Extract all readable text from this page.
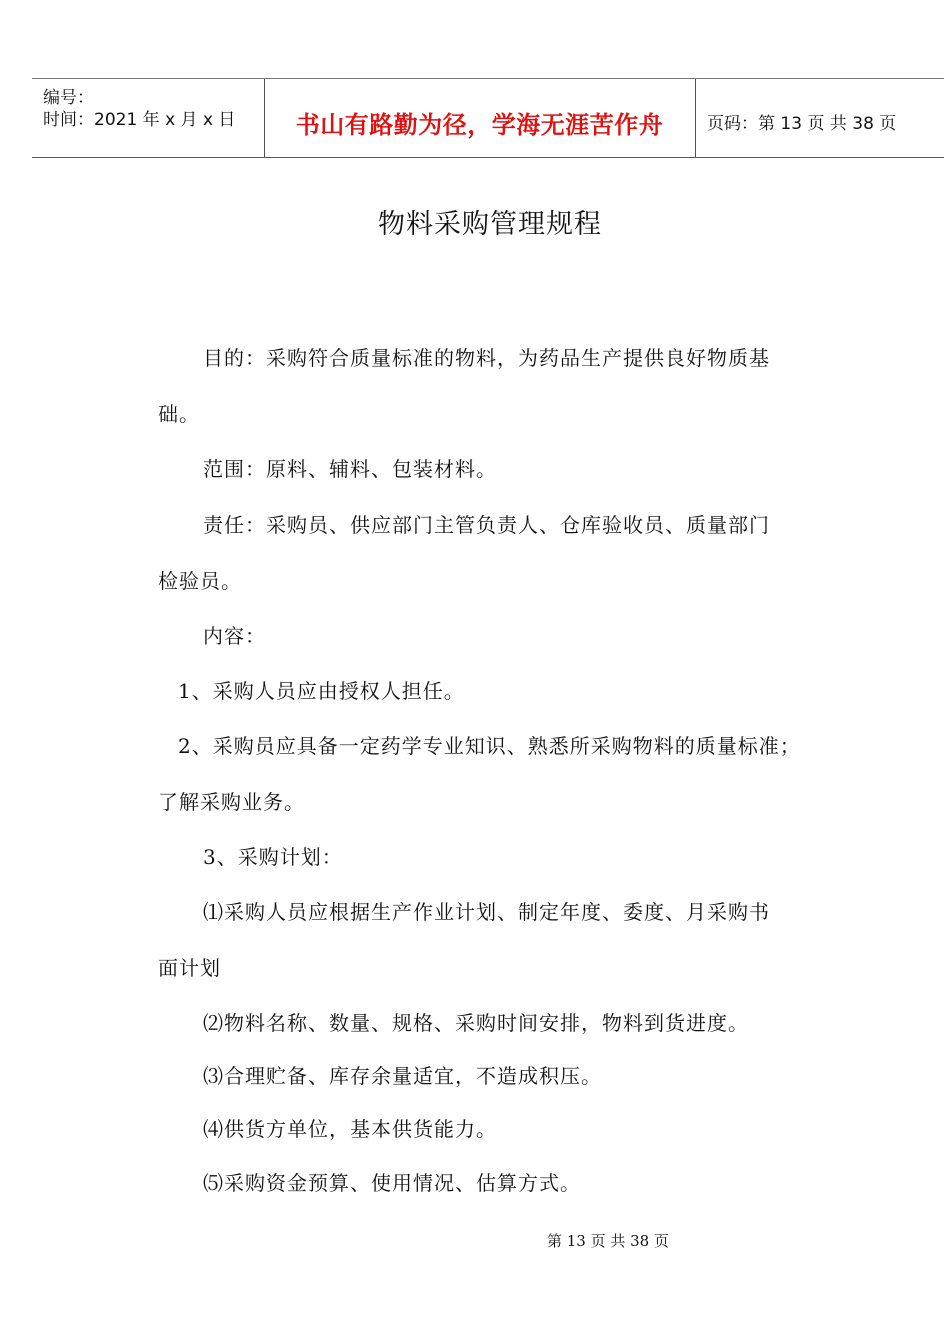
编号：
时间：2021 年 x 月 x 日	书山有路勤为径，学海无涯苦作舟	页码：第 13 页 共 38 页
物料采购管理规程
目的：采购符合质量标准的物料，为药品生产提供良好物质基
础。
范围：原料、辅料、包装材料。
责任：采购员、供应部门主管负责人、仓库验收员、质量部门
检验员。
内容：
1、采购人员应由授权人担任。
2、采购员应具备一定药学专业知识、熟悉所采购物料的质量标准；
了解采购业务。
3、采购计划：
⑴采购人员应根据生产作业计划、制定年度、委度、月采购书
面计划
⑵物料名称、数量、规格、采购时间安排，物料到货进度。
⑶合理贮备、库存余量适宜，不造成积压。
⑷供货方单位，基本供货能力。
⑸采购资金预算、使用情况、估算方式。
第 13 页 共 38 页
